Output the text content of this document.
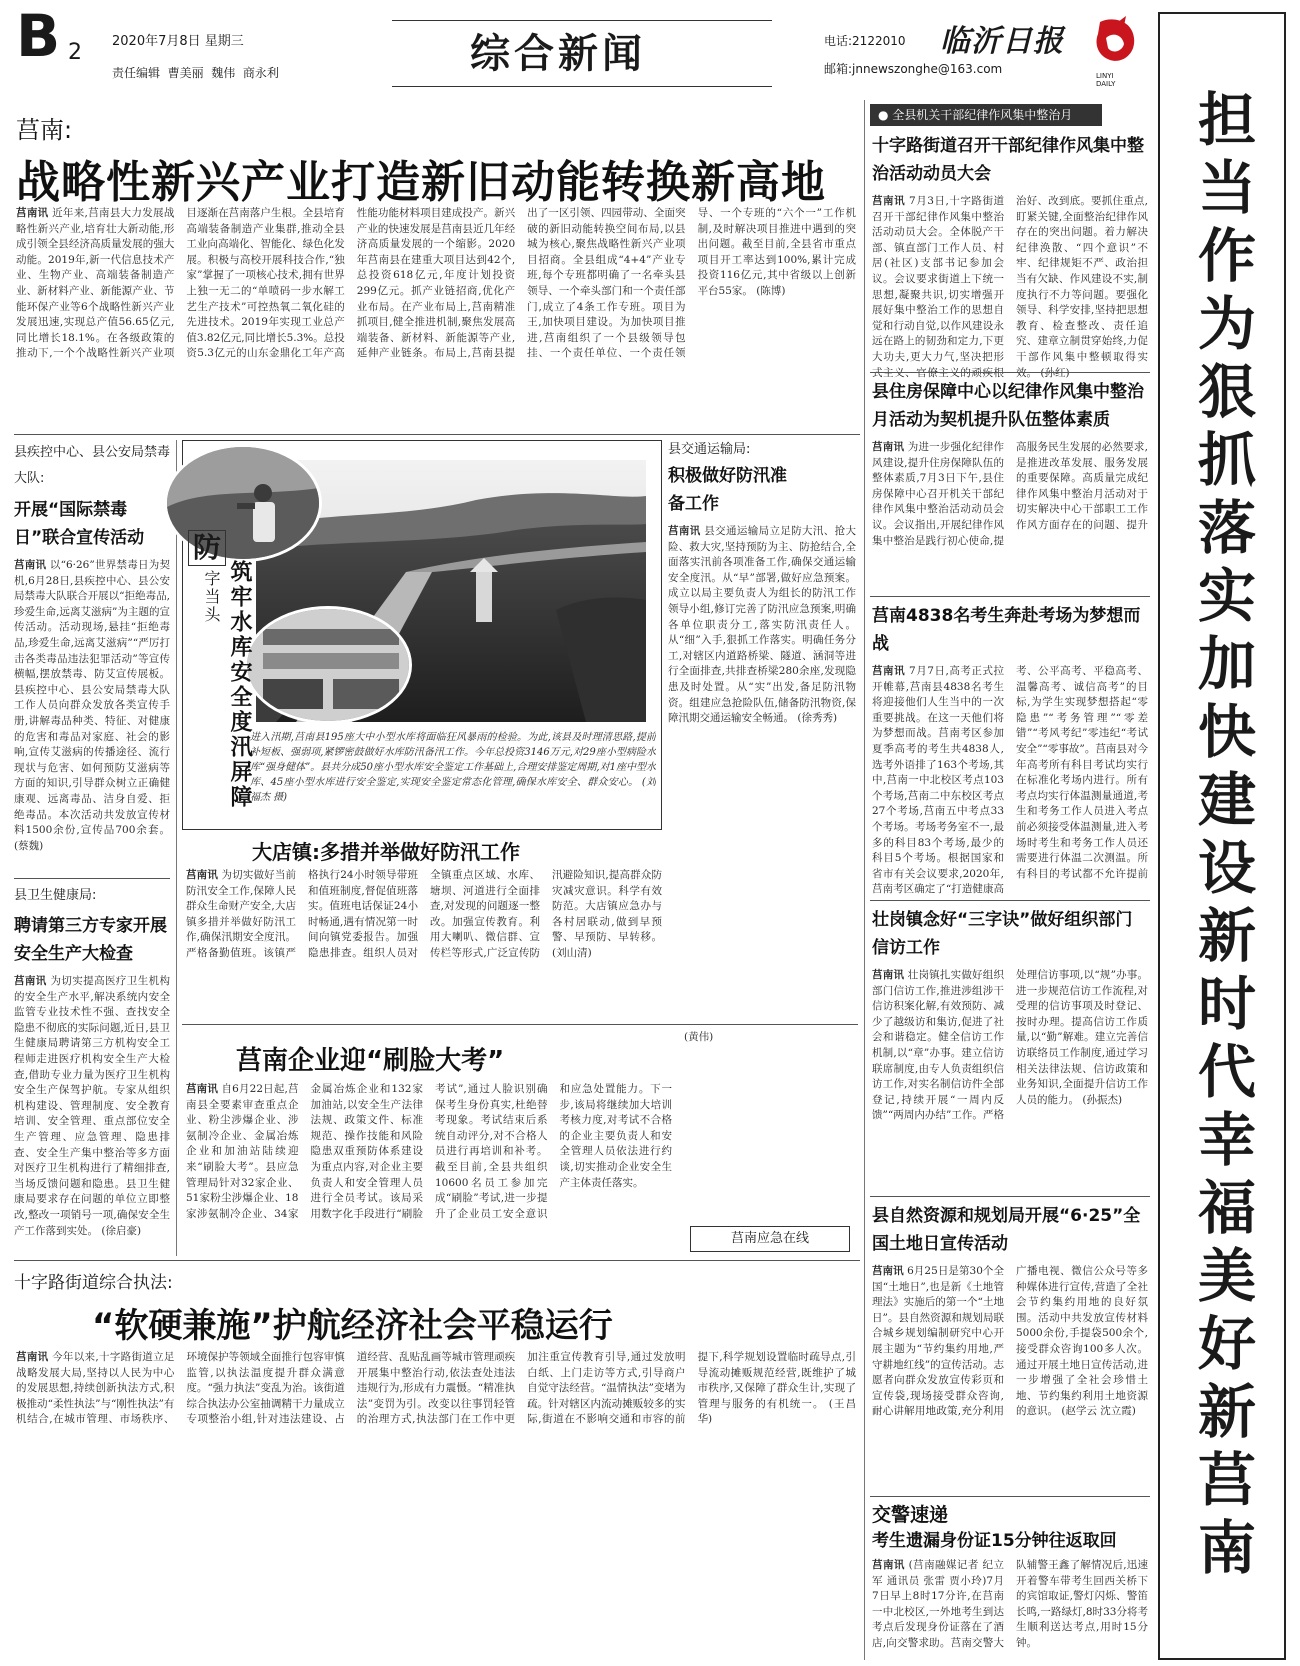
B 2 2020年7月8日 星期三
责任编辑  曹美丽  魏伟  商永利	综合新闻	电话:2122010
邮箱:jnnewszonghe@163.com
临沂日报
LINYI DAILY
担当作为狠抓落实加快建设新时代幸福美好新莒南
莒南:
战略性新兴产业打造新旧动能转换新高地
莒南讯 近年来,莒南县大力发展战略性新兴产业,培育壮大新动能,形成引领全县经济高质量发展的强大动能。2019年,新一代信息技术产业、生物产业、高端装备制造产业、新材料产业、新能源产业、节能环保产业等6个战略性新兴产业发展迅速,实现总产值56.65亿元,同比增长18.1%。在各级政策的推动下,一个个战略性新兴产业项目逐渐在莒南落户生根。全县培育高端装备制造产业集群,推动全县工业向高端化、智能化、绿色化发展。积极与高校开展科技合作,“独家”掌握了一项核心技术,拥有世界上独一无二的“单喷码一步水解工艺生产技术”可控热氧二氧化硅的先进技术。2019年实现工业总产值3.82亿元,同比增长5.3%。总投资5.3亿元的山东金鼎化工年产高性能功能材料项目建成投产。新兴产业的快速发展是莒南县近几年经济高质量发展的一个缩影。2020年莒南县在建重大项目达到42个,总投资618亿元,年度计划投资299亿元。抓产业链招商,优化产业布局。在产业布局上,莒南精准抓项目,健全推进机制,聚焦发展高端装备、新材料、新能源等产业,延伸产业链条。布局上,莒南县提出了一区引领、四园带动、全面突破的新旧动能转换空间布局,以县城为核心,聚焦战略性新兴产业项目招商。全县组成“4+4”产业专班,每个专班都明确了一名牵头县领导、一个牵头部门和一个责任部门,成立了4条工作专班。项目为王,加快项目建设。为加快项目推进,莒南组织了一个县级领导包挂、一个责任单位、一个责任领导、一个专班的“六个一”工作机制,及时解决项目推进中遇到的突出问题。截至目前,全县省市重点项目开工率达到100%,累计完成投资116亿元,其中省级以上创新平台55家。 (陈博)
县疾控中心、县公安局禁毒大队:
开展“国际禁毒日”联合宣传活动
莒南讯 以“6·26”世界禁毒日为契机,6月28日,县疾控中心、县公安局禁毒大队联合开展以“拒绝毒品,珍爱生命,远离艾滋病”为主题的宣传活动。活动现场,悬挂“拒绝毒品,珍爱生命,远离艾滋病”“严厉打击各类毒品违法犯罪活动”等宣传横幅,摆放禁毒、防艾宣传展板。县疾控中心、县公安局禁毒大队工作人员向群众发放各类宣传手册,讲解毒品种类、特征、对健康的危害和毒品对家庭、社会的影响,宣传艾滋病的传播途径、流行现状与危害、如何预防艾滋病等方面的知识,引导群众树立正确健康观、远离毒品、洁身自爱、拒绝毒品。本次活动共发放宣传材料1500余份,宣传品700余套。 (蔡魏)
县卫生健康局:
聘请第三方专家开展安全生产大检查
莒南讯 为切实提高医疗卫生机构的安全生产水平,解决系统内安全监管专业技术性不强、查找安全隐患不彻底的实际问题,近日,县卫生健康局聘请第三方机构安全工程师走进医疗机构安全生产大检查,借助专业力量为医疗卫生机构安全生产保驾护航。专家从组织机构建设、管理制度、安全教育培训、安全管理、重点部位安全生产管理、应急管理、隐患排查、安全生产集中整治等多方面对医疗卫生机构进行了精细排查,当场反馈问题和隐患。县卫生健康局要求存在问题的单位立即整改,整改一项销号一项,确保安全生产工作落到实处。 (徐启豪)
防
字当头 筑牢水库安全度汛屏障
进入汛期,莒南县195座大中小型水库将面临狂风暴雨的检验。为此,该县及时理清思路,提前补短板、强弱项,紧锣密鼓做好水库防汛备汛工作。今年总投资3146万元,对29座小型病险水库“强身健体”。县共分成50座小型水库安全鉴定工作基础上,合理安排鉴定周期,对1座中型水库、45座小型水库进行安全鉴定,实现安全鉴定常态化管理,确保水库安全、群众安心。 (刘福杰 摄)
县交通运输局:
积极做好防汛准备工作
莒南讯 县交通运输局立足防大汛、抢大险、救大灾,坚持预防为主、防抢结合,全面落实汛前各项准备工作,确保交通运输安全度汛。从“早”部署,做好应急预案。成立以局主要负责人为组长的防汛工作领导小组,修订完善了防汛应急预案,明确各单位职责分工,落实防汛责任人。从“细”入手,狠抓工作落实。明确任务分工,对辖区内道路桥梁、隧道、涵洞等进行全面排查,共排查桥梁280余座,发现隐患及时处置。从“实”出发,备足防汛物资。组建应急抢险队伍,储备防汛物资,保障汛期交通运输安全畅通。 (徐秀秀)
大店镇:多措并举做好防汛工作
莒南讯 为切实做好当前防汛安全工作,保障人民群众生命财产安全,大店镇多措并举做好防汛工作,确保汛期安全度汛。严格备勤值班。该镇严格执行24小时领导带班和值班制度,督促值班落实。值班电话保证24小时畅通,遇有情况第一时间向镇党委报告。加强隐患排查。组织人员对全镇重点区域、水库、塘坝、河道进行全面排查,对发现的问题逐一整改。加强宣传教育。利用大喇叭、微信群、宣传栏等形式,广泛宣传防汛避险知识,提高群众防灾减灾意识。科学有效防范。大店镇应急办与各村居联动,做到早预警、早预防、早转移。 (刘山清)
莒南企业迎“刷脸大考”
莒南讯 自6月22日起,莒南县全要素审查重点企业、粉尘涉爆企业、涉氨制冷企业、金属冶炼企业和加油站陆续迎来“刷脸大考”。县应急管理局针对32家企业、51家粉尘涉爆企业、18家涉氨制冷企业、34家金属冶炼企业和132家加油站,以安全生产法律法规、政策文件、标准规范、操作技能和风险隐患双重预防体系建设为重点内容,对企业主要负责人和安全管理人员进行全员考试。该局采用数字化手段进行“刷脸考试”,通过人脸识别确保考生身份真实,杜绝替考现象。考试结束后系统自动评分,对不合格人员进行再培训和补考。截至目前,全县共组织10600名员工参加完成“刷脸”考试,进一步提升了企业员工安全意识和应急处置能力。下一步,该局将继续加大培训考核力度,对考试不合格的企业主要负责人和安全管理人员依法进行约谈,切实推动企业安全生产主体责任落实。
(黄伟)
莒南应急在线
十字路街道综合执法:
“软硬兼施”护航经济社会平稳运行
莒南讯 今年以来,十字路街道立足战略发展大局,坚持以人民为中心的发展思想,持续创新执法方式,积极推动“柔性执法”与“刚性执法”有机结合,在城市管理、市场秩序、环境保护等领域全面推行包容审慎监管,以执法温度提升群众满意度。“强力执法”变乱为治。该街道综合执法办公室抽调精干力量成立专项整治小组,针对违法建设、占道经营、乱贴乱画等城市管理顽疾开展集中整治行动,依法查处违法违规行为,形成有力震慑。“精准执法”变罚为引。改变以往事罚轻管的治理方式,执法部门在工作中更加注重宣传教育引导,通过发放明白纸、上门走访等方式,引导商户自觉守法经营。“温情执法”变堵为疏。针对辖区内流动摊贩较多的实际,街道在不影响交通和市容的前提下,科学规划设置临时疏导点,引导流动摊贩规范经营,既维护了城市秩序,又保障了群众生计,实现了管理与服务的有机统一。 (王昌华)
● 全县机关干部纪律作风集中整治月
十字路街道召开干部纪律作风集中整治活动动员大会
莒南讯 7月3日,十字路街道召开干部纪律作风集中整治活动动员大会。全体脱产干部、镇直部门工作人员、村居(社区)支部书记参加会议。会议要求街道上下统一思想,凝聚共识,切实增强开展好集中整治工作的思想自觉和行动自觉,以作风建设永远在路上的韧劲和定力,下更大功夫,更大力气,坚决把形式主义、官僚主义的顽疾根治好、改到底。要抓住重点,盯紧关键,全面整治纪律作风存在的突出问题。着力解决纪律涣散、“四个意识”不牢、纪律规矩不严、政治担当有欠缺、作风建设不实,制度执行不力等问题。要强化领导、科学安排,坚持把思想教育、检查整改、责任追究、建章立制贯穿始终,力促干部作风集中整顿取得实效。 (孙红)
县住房保障中心以纪律作风集中整治月活动为契机提升队伍整体素质
莒南讯 为进一步强化纪律作风建设,提升住房保障队伍的整体素质,7月3日下午,县住房保障中心召开机关干部纪律作风集中整治活动动员会议。会议指出,开展纪律作风集中整治是践行初心使命,提高服务民生发展的必然要求,是推进改革发展、服务发展的重要保障。高质量完成纪律作风集中整治月活动对于切实解决中心干部职工工作作风方面存在的问题、提升
莒南4838名考生奔赴考场为梦想而战
莒南讯 7月7日,高考正式拉开帷幕,莒南县4838名考生将迎接他们人生当中的一次重要挑战。在这一天他们将为梦想而战。莒南考区参加夏季高考的考生共4838人,选考外语排了163个考场,其中,莒南一中北校区考点103个考场,莒南二中东校区考点27个考场,莒南五中考点33个考场。考场考务室不一,最多的科目83个考场,最少的科目5个考场。根据国家和省市有关会议要求,2020年,莒南考区确定了“打造健康高考、公平高考、平稳高考、温馨高考、诚信高考”的目标,为学生实现梦想搭起“零隐患”“考务管理”“零差错”“考风考纪”零违纪“考试安全”“零事故”。莒南县对今年高考所有科目考试均实行在标准化考场内进行。所有考点均实行体温测量通道,考生和考务工作人员进入考点前必须接受体温测量,进入考场时考生和考务工作人员还需要进行体温二次测温。所有科目的考试都不允许提前
壮岗镇念好“三字诀”做好组织部门信访工作
莒南讯 壮岗镇扎实做好组织部门信访工作,推进涉组涉干信访积案化解,有效预防、减少了越级访和集访,促进了社会和谐稳定。健全信访工作机制,以“章”办事。建立信访联席制度,由专人负责组织信访工作,对实名制信访件全部登记,持续开展“一周内反馈”“两周内办结”工作。严格处理信访事项,以“规”办事。进一步规范信访工作流程,对受理的信访事项及时登记、按时办理。提高信访工作质量,以“勤”解难。建立完善信访联络员工作制度,通过学习相关法律法规、信访政策和业务知识,全面提升信访工作人员的能力。 (孙振杰)
县自然资源和规划局开展“6·25”全国土地日宣传活动
莒南讯 6月25日是第30个全国“土地日”,也是新《土地管理法》实施后的第一个“土地日”。县自然资源和规划局联合城乡规划编制研究中心开展主题为“节约集约用地,严守耕地红线”的宣传活动。志愿者向群众发放宣传彩页和宣传袋,现场接受群众咨询,耐心讲解用地政策,充分利用广播电视、微信公众号等多种媒体进行宣传,营造了全社会节约集约用地的良好氛围。活动中共发放宣传材料5000余份,手提袋500余个,接受群众咨询100多人次。通过开展土地日宣传活动,进一步增强了全社会珍惜土地、节约集约利用土地资源的意识。 (赵学云 沈立霞)
交警速递
考生遗漏身份证15分钟往返取回
莒南讯 (莒南融媒记者 纪立军 通讯员 张雷 贾小玲)7月7日早上8时17分许,在莒南一中北校区,一外地考生到达考点后发现身份证落在了酒店,向交警求助。莒南交警大队辅警王鑫了解情况后,迅速开着警车带考生回西关桥下的宾馆取证,警灯闪烁、警笛长鸣,一路绿灯,8时33分将考生顺利送达考点,用时15分钟。
